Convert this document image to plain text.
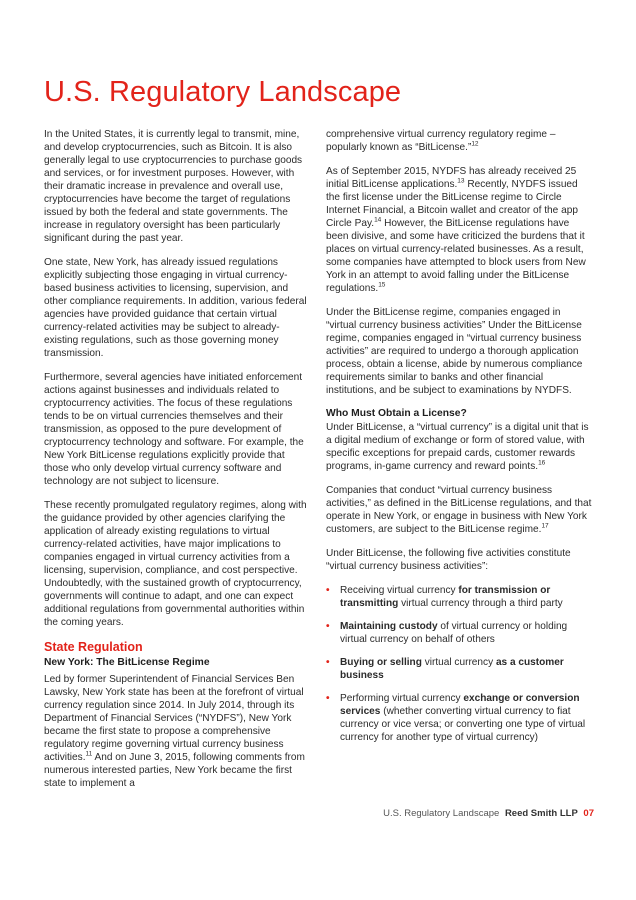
U.S. Regulatory Landscape

In the United States, it is currently legal to transmit, mine, and develop cryptocurrencies, such as Bitcoin. It is also generally legal to use cryptocurrencies to purchase goods and services, or for investment purposes. However, with their dramatic increase in prevalence and overall use, cryptocurrencies have become the target of regulations issued by both the federal and state governments. The increase in regulatory oversight has been particularly significant during the past year.

One state, New York, has already issued regulations explicitly subjecting those engaging in virtual currency-based business activities to licensing, supervision, and other compliance requirements. In addition, various federal agencies have provided guidance that certain virtual currency-related activities may be subject to already-existing regulations, such as those governing money transmission.

Furthermore, several agencies have initiated enforcement actions against businesses and individuals related to cryptocurrency activities. The focus of these regulations tends to be on virtual currencies themselves and their transmission, as opposed to the pure development of cryptocurrency technology and software. For example, the New York BitLicense regulations explicitly provide that those who only develop virtual currency software and technology are not subject to licensure.

These recently promulgated regulatory regimes, along with the guidance provided by other agencies clarifying the application of already existing regulations to virtual currency-related activities, have major implications to companies engaged in virtual currency activities from a licensing, supervision, compliance, and cost perspective. Undoubtedly, with the sustained growth of cryptocurrency, governments will continue to adapt, and one can expect additional regulations from governmental authorities within the coming years.

State Regulation
New York: The BitLicense Regime

Led by former Superintendent of Financial Services Ben Lawsky, New York state has been at the forefront of virtual currency regulation since 2014. In July 2014, through its Department of Financial Services (“NYDFS”), New York became the first state to propose a comprehensive regulatory regime governing virtual currency business activities.$^{11}$ And on June 3, 2015, following comments from numerous interested parties, New York became the first state to implement a

comprehensive virtual currency regulatory regime – popularly known as “BitLicense.”$^{12}$

As of September 2015, NYDFS has already received 25 initial BitLicense applications.$^{13}$ Recently, NYDFS issued the first license under the BitLicense regime to Circle Internet Financial, a Bitcoin wallet and creator of the app Circle Pay.$^{14}$ However, the BitLicense regulations have been divisive, and some have criticized the burdens that it places on virtual currency-related businesses. As a result, some companies have attempted to block users from New York in an attempt to avoid falling under the BitLicense regulations.$^{15}$

Under the BitLicense regime, companies engaged in “virtual currency business activities” Under the BitLicense regime, companies engaged in “virtual currency business activities” are required to undergo a thorough application process, obtain a license, abide by numerous compliance requirements similar to banks and other financial institutions, and be subject to examinations by NYDFS.

Who Must Obtain a License?

Under BitLicense, a “virtual currency” is a digital unit that is a digital medium of exchange or form of stored value, with specific exceptions for prepaid cards, customer rewards programs, in-game currency and reward points.$^{16}$

Companies that conduct “virtual currency business activities,” as defined in the BitLicense regulations, and that operate in New York, or engage in business with New York customers, are subject to the BitLicense regime.$^{17}$

Under BitLicense, the following five activities constitute “virtual currency business activities”:

• Receiving virtual currency for transmission or transmitting virtual currency through a third party
• Maintaining custody of virtual currency or holding virtual currency on behalf of others
• Buying or selling virtual currency as a customer business
• Performing virtual currency exchange or conversion services (whether converting virtual currency to fiat currency or vice versa; or converting one type of virtual currency for another type of virtual currency)
U.S. Regulatory Landscape Reed Smith LLP 07
